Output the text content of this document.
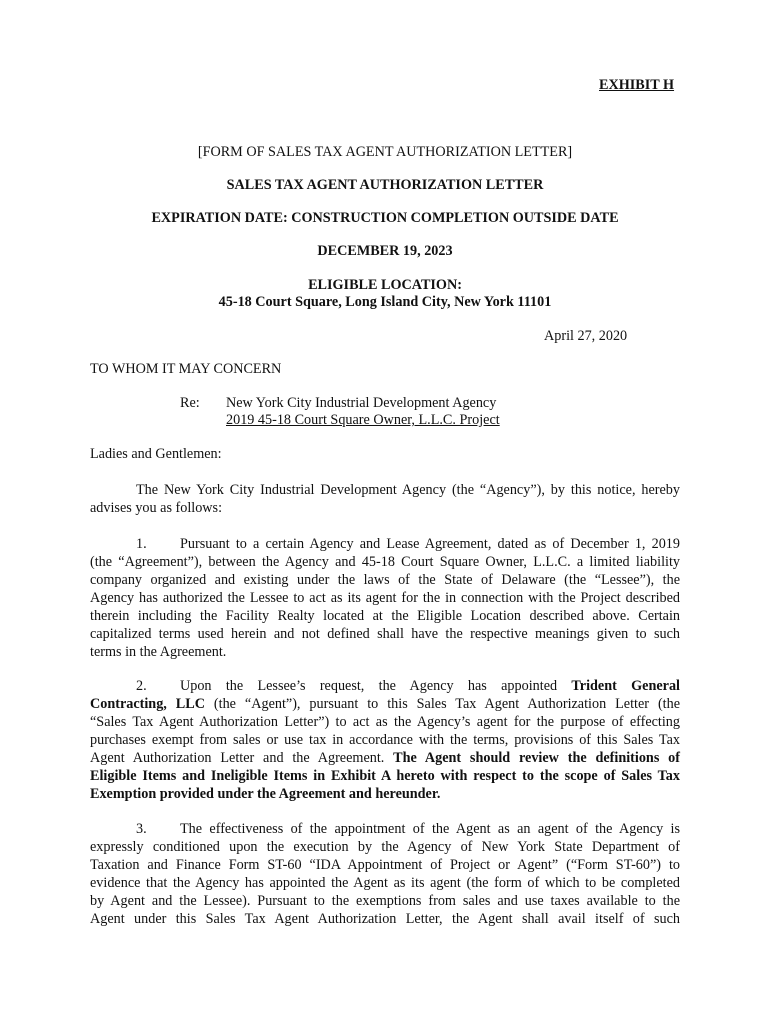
EXHIBIT H
[FORM OF SALES TAX AGENT AUTHORIZATION LETTER]
SALES TAX AGENT AUTHORIZATION LETTER
EXPIRATION DATE: CONSTRUCTION COMPLETION OUTSIDE DATE
DECEMBER 19, 2023
ELIGIBLE LOCATION:
45-18 Court Square, Long Island City, New York 11101
April 27, 2020
TO WHOM IT MAY CONCERN
Re: New York City Industrial Development Agency
2019 45-18 Court Square Owner, L.L.C. Project
Ladies and Gentlemen:
The New York City Industrial Development Agency (the “Agency”), by this notice, hereby
advises you as follows:
1. Pursuant to a certain Agency and Lease Agreement, dated as of December 1, 2019
(the “Agreement”), between the Agency and 45-18 Court Square Owner, L.L.C. a limited liability
company organized and existing under the laws of the State of Delaware (the “Lessee”), the
Agency has authorized the Lessee to act as its agent for the in connection with the Project described
therein including the Facility Realty located at the Eligible Location described above. Certain
capitalized terms used herein and not defined shall have the respective meanings given to such
terms in the Agreement.
2. Upon the Lessee’s request, the Agency has appointed Trident General
Contracting, LLC (the “Agent”), pursuant to this Sales Tax Agent Authorization Letter (the
“Sales Tax Agent Authorization Letter”) to act as the Agency’s agent for the purpose of effecting
purchases exempt from sales or use tax in accordance with the terms, provisions of this Sales Tax
Agent Authorization Letter and the Agreement. The Agent should review the definitions of
Eligible Items and Ineligible Items in Exhibit A hereto with respect to the scope of Sales Tax
Exemption provided under the Agreement and hereunder.
3. The effectiveness of the appointment of the Agent as an agent of the Agency is
expressly conditioned upon the execution by the Agency of New York State Department of
Taxation and Finance Form ST-60 “IDA Appointment of Project or Agent” (“Form ST-60”) to
evidence that the Agency has appointed the Agent as its agent (the form of which to be completed
by Agent and the Lessee). Pursuant to the exemptions from sales and use taxes available to the
Agent under this Sales Tax Agent Authorization Letter, the Agent shall avail itself of such
